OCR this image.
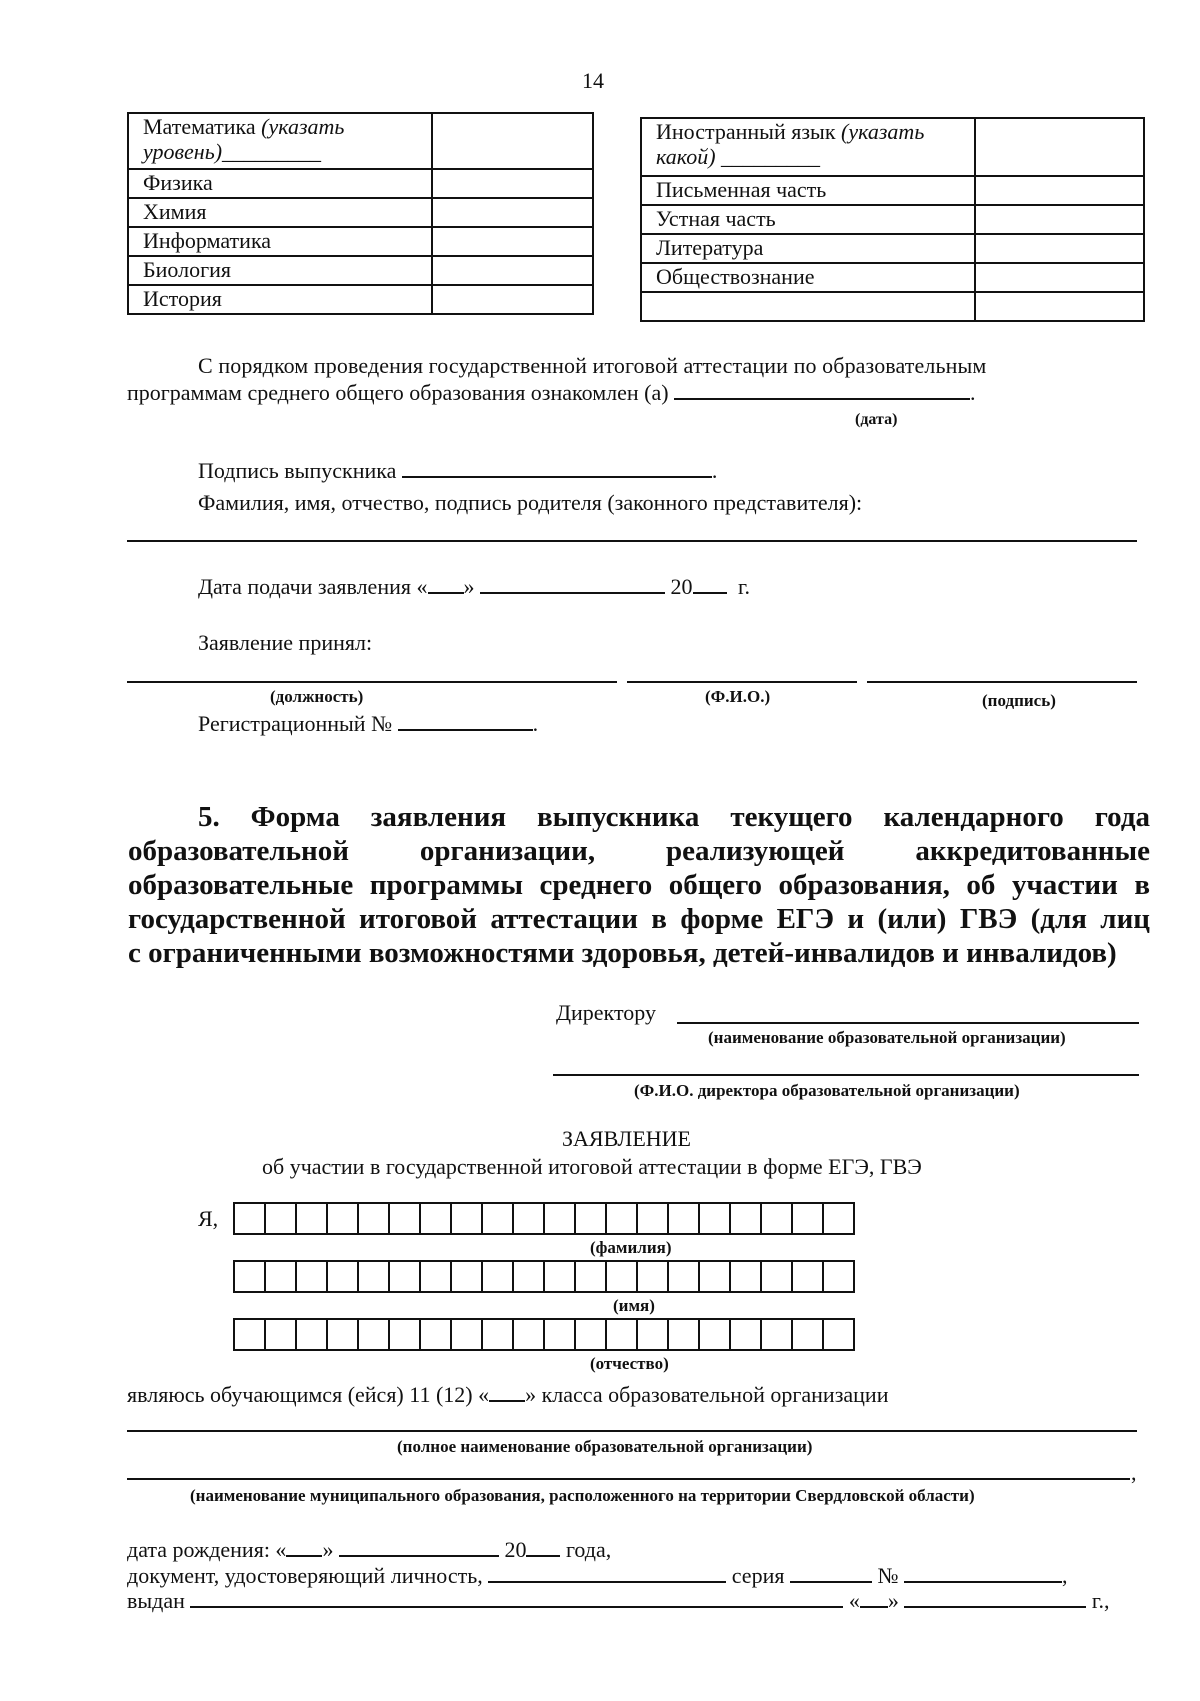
14
Математика (указать уровень)_________	
Физика	
Химия	
Информатика	
Биология	
История	
Иностранный язык (указать какой) _________	
Письменная часть	
Устная часть	
Литература	
Обществознание	

С порядком проведения государственной итоговой аттестации по образовательным
программам среднего общего образования ознакомлен (а)	.
(дата)
Подпись выпускника	.
Фамилия, имя, отчество, подпись родителя (законного представителя):
Дата подачи заявления « »	20 г.
Заявление принял:
(должность)	(Ф.И.О.)	(подпись)
Регистрационный №	.
5. Форма заявления выпускника текущего календарного года образовательной организации, реализующей аккредитованные образовательные программы среднего общего образования, об участии в государственной итоговой аттестации в форме ЕГЭ и (или) ГВЭ (для лиц
с ограниченными возможностями здоровья, детей-инвалидов и инвалидов)
Директору
(наименование образовательной организации)
(Ф.И.О. директора образовательной организации)
ЗАЯВЛЕНИЕ
об участии в государственной итоговой аттестации в форме ЕГЭ, ГВЭ
Я,
(фамилия)
(имя)
(отчество)
являюсь обучающимся (ейся) 11 (12) « » класса образовательной организации
(полное наименование образовательной организации)
,
(наименование муниципального образования, расположенного на территории Свердловской области)
дата рождения: « »	20 года,
документ, удостоверяющий личность,	серия	№	,
выдан	« »	г.,
